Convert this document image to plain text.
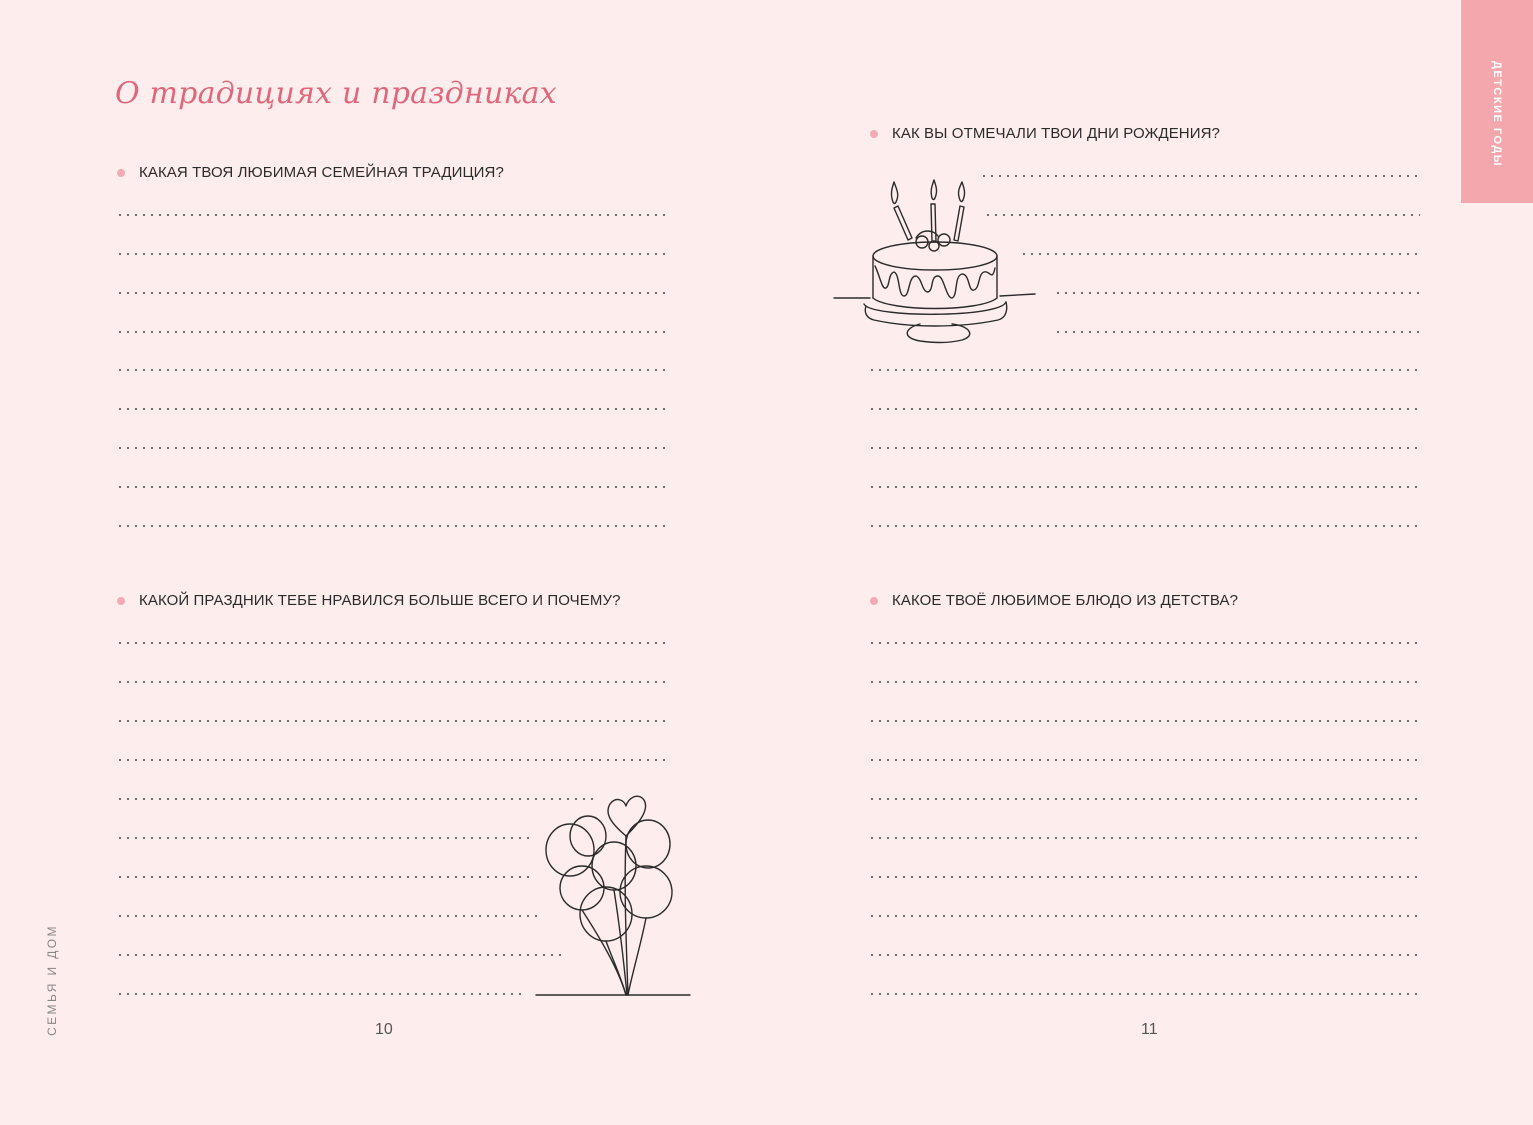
О традициях и праздниках	ДЕТСКИЕ ГОДЫ
СЕМЬЯ И ДОМ
КАКАЯ ТВОЯ ЛЮБИМАЯ СЕМЕЙНАЯ ТРАДИЦИЯ?
КАКОЙ ПРАЗДНИК ТЕБЕ НРАВИЛСЯ БОЛЬШЕ ВСЕГО И ПОЧЕМУ?
КАК ВЫ ОТМЕЧАЛИ ТВОИ ДНИ РОЖДЕНИЯ?
КАКОЕ ТВОЁ ЛЮБИМОЕ БЛЮДО ИЗ ДЕТСТВА?
10	11
